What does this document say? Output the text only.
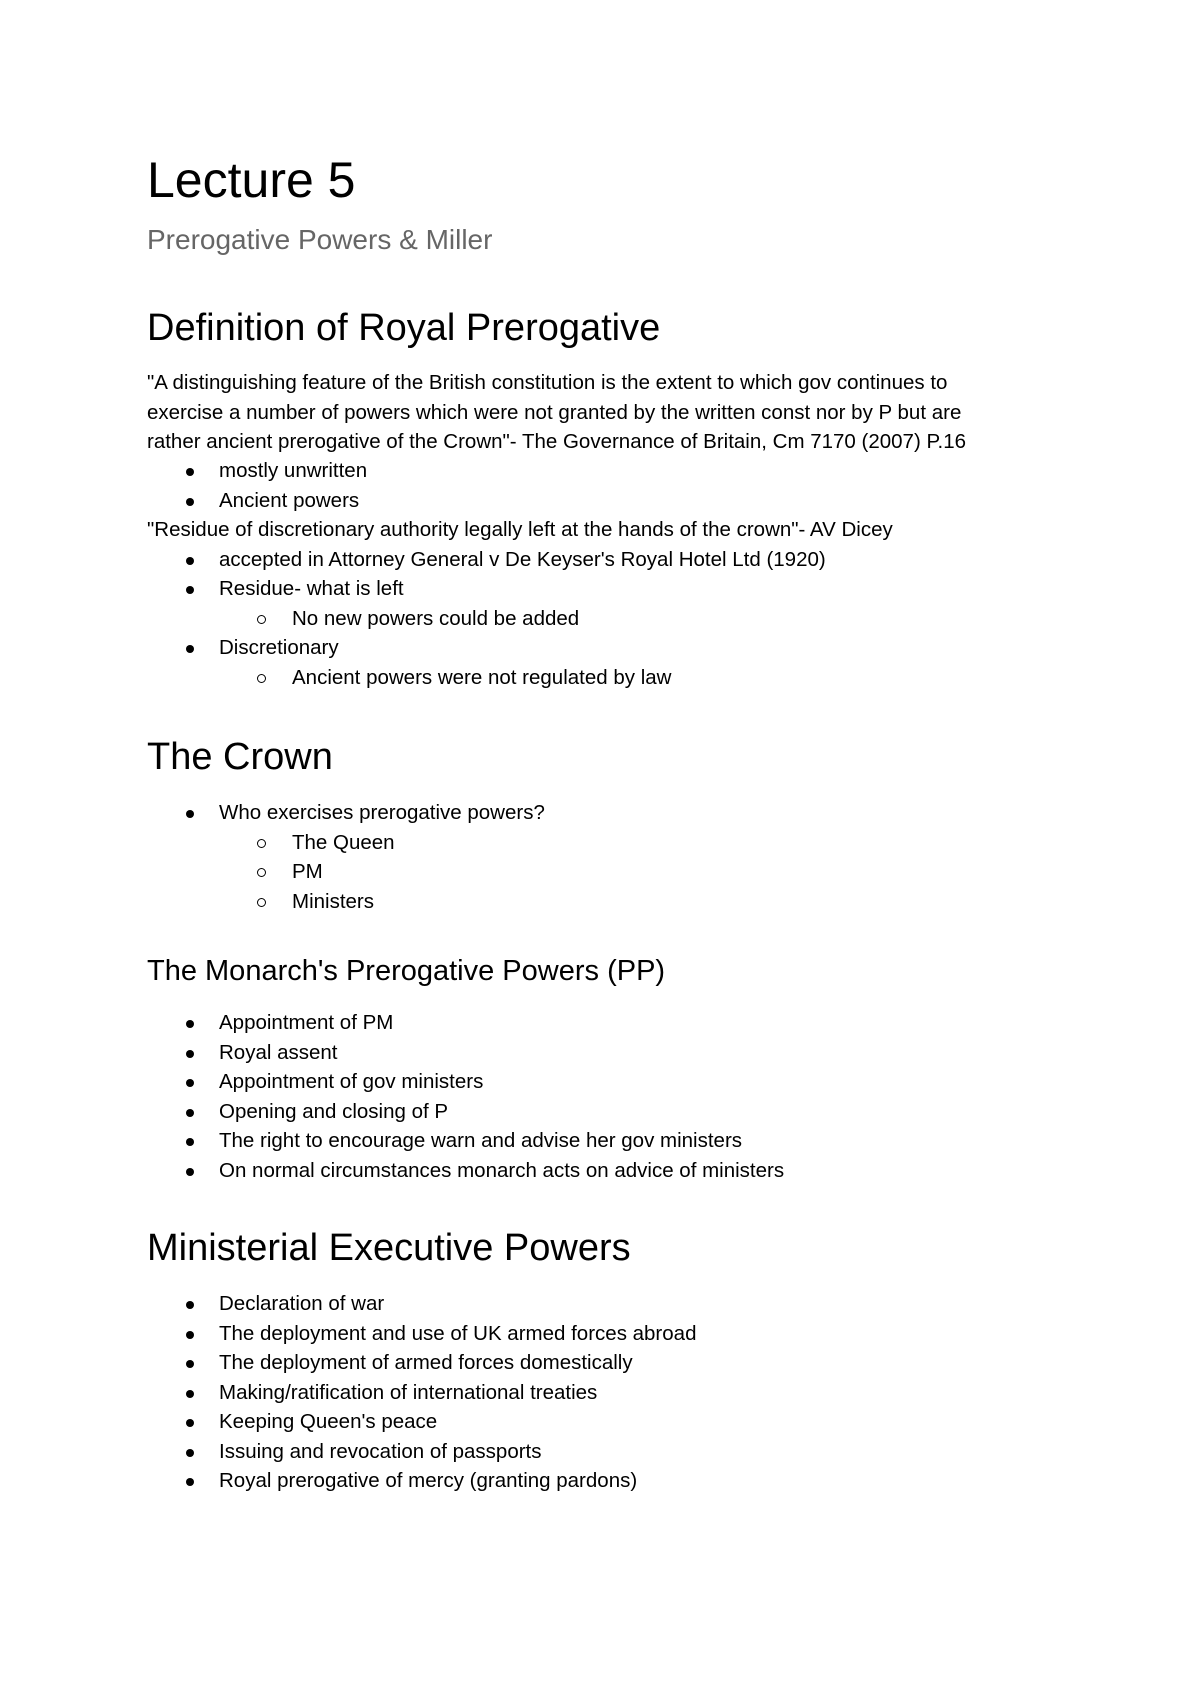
Lecture 5
Prerogative Powers & Miller
Definition of Royal Prerogative
"A distinguishing feature of the British constitution is the extent to which gov continues to
exercise a number of powers which were not granted by the written const nor by P but are
rather ancient prerogative of the Crown"- The Governance of Britain, Cm 7170 (2007) P.16
mostly unwritten
Ancient powers
"Residue of discretionary authority legally left at the hands of the crown"- AV Dicey
accepted in Attorney General v De Keyser's Royal Hotel Ltd (1920)
Residue- what is left
No new powers could be added
Discretionary
Ancient powers were not regulated by law
The Crown
Who exercises prerogative powers?
The Queen
PM
Ministers
The Monarch's Prerogative Powers (PP)
Appointment of PM
Royal assent
Appointment of gov ministers
Opening and closing of P
The right to encourage warn and advise her gov ministers
On normal circumstances monarch acts on advice of ministers
Ministerial Executive Powers
Declaration of war
The deployment and use of UK armed forces abroad
The deployment of armed forces domestically
Making/ratification of international treaties
Keeping Queen's peace
Issuing and revocation of passports
Royal prerogative of mercy (granting pardons)
